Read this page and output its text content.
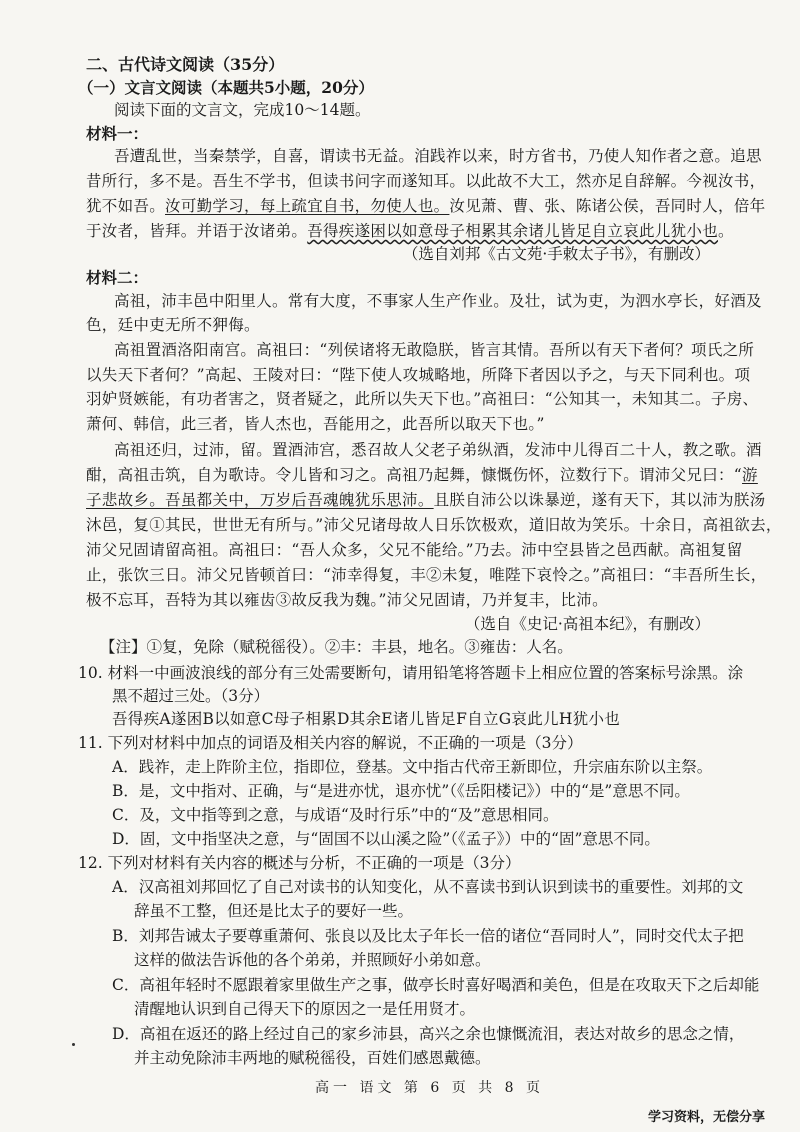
二、古代诗文阅读（35分）

（一）文言文阅读（本题共5小题，20分）

阅读下面的文言文，完成10～14题。

材料一：

吾遭乱世，当秦禁学，自喜，谓读书无益。洎践祚以来，时方省书，乃使人知作者之意。追思

昔所行，多不是。吾生不学书，但读书问字而遂知耳。以此故不大工，然亦足自辞解。今视汝书，

犹不如吾。汝可勤学习，每上疏宜自书，勿使人也。汝见萧、曹、张、陈诸公侯，吾同时人，倍年

于汝者，皆拜。并语于汝诸弟。吾得疾遂困以如意母子相累其余诸儿皆足自立哀此儿犹小也。

（选自刘邦《古文苑·手敕太子书》，有删改）

材料二：

高祖，沛丰邑中阳里人。常有大度，不事家人生产作业。及壮，试为吏，为泗水亭长，好酒及

色，廷中吏无所不狎侮。

高祖置酒洛阳南宫。高祖曰：“列侯诸将无敢隐朕，皆言其情。吾所以有天下者何？项氏之所

以失天下者何？”高起、王陵对曰：“陛下使人攻城略地，所降下者因以予之，与天下同利也。项

羽妒贤嫉能，有功者害之，贤者疑之，此所以失天下也。”高祖曰：“公知其一，未知其二。子房、

萧何、韩信，此三者，皆人杰也，吾能用之，此吾所以取天下也。”

高祖还归，过沛，留。置酒沛宫，悉召故人父老子弟纵酒，发沛中儿得百二十人，教之歌。酒

酣，高祖击筑，自为歌诗。令儿皆和习之。高祖乃起舞，慷慨伤怀，泣数行下。谓沛父兄曰：“游

子悲故乡。吾虽都关中，万岁后吾魂魄犹乐思沛。且朕自沛公以诛暴逆，遂有天下，其以沛为朕汤

沐邑，复①其民，世世无有所与。”沛父兄诸母故人日乐饮极欢，道旧故为笑乐。十余日，高祖欲去，

沛父兄固请留高祖。高祖曰：“吾人众多，父兄不能给。”乃去。沛中空县皆之邑西献。高祖复留

止，张饮三日。沛父兄皆顿首曰：“沛幸得复，丰②未复，唯陛下哀怜之。”高祖曰：“丰吾所生长，

极不忘耳，吾特为其以雍齿③故反我为魏。”沛父兄固请，乃并复丰，比沛。

（选自《史记·高祖本纪》，有删改）

【注】①复，免除（赋税徭役）。②丰：丰县，地名。③雍齿：人名。

10. 材料一中画波浪线的部分有三处需要断句，请用铅笔将答题卡上相应位置的答案标号涂黑。涂

黑不超过三处。（3分）

吾得疾A遂困B以如意C母子相累D其余E诸儿皆足F自立G哀此儿H犹小也

11. 下列对材料中加点的词语及相关内容的解说，不正确的一项是（3分）

A．践祚，走上阼阶主位，指即位，登基。文中指古代帝王新即位，升宗庙东阶以主祭。

B．是，文中指对、正确，与“是进亦忧，退亦忧”（《岳阳楼记》）中的“是”意思不同。

C．及，文中指等到之意，与成语“及时行乐”中的“及”意思相同。

D．固，文中指坚决之意，与“固国不以山溪之险”（《孟子》）中的“固”意思不同。

12. 下列对材料有关内容的概述与分析，不正确的一项是（3分）

A．汉高祖刘邦回忆了自己对读书的认知变化，从不喜读书到认识到读书的重要性。刘邦的文

辞虽不工整，但还是比太子的要好一些。

B．刘邦告诫太子要尊重萧何、张良以及比太子年长一倍的诸位“吾同时人”，同时交代太子把

这样的做法告诉他的各个弟弟，并照顾好小弟如意。

C．高祖年轻时不愿跟着家里做生产之事，做亭长时喜好喝酒和美色，但是在攻取天下之后却能

清醒地认识到自己得天下的原因之一是任用贤才。

D．高祖在返还的路上经过自己的家乡沛县，高兴之余也慷慨流泪，表达对故乡的思念之情，

并主动免除沛丰两地的赋税徭役，百姓们感恩戴德。

高一 语文 第 6 页 共 8 页

学习资料，无偿分享
